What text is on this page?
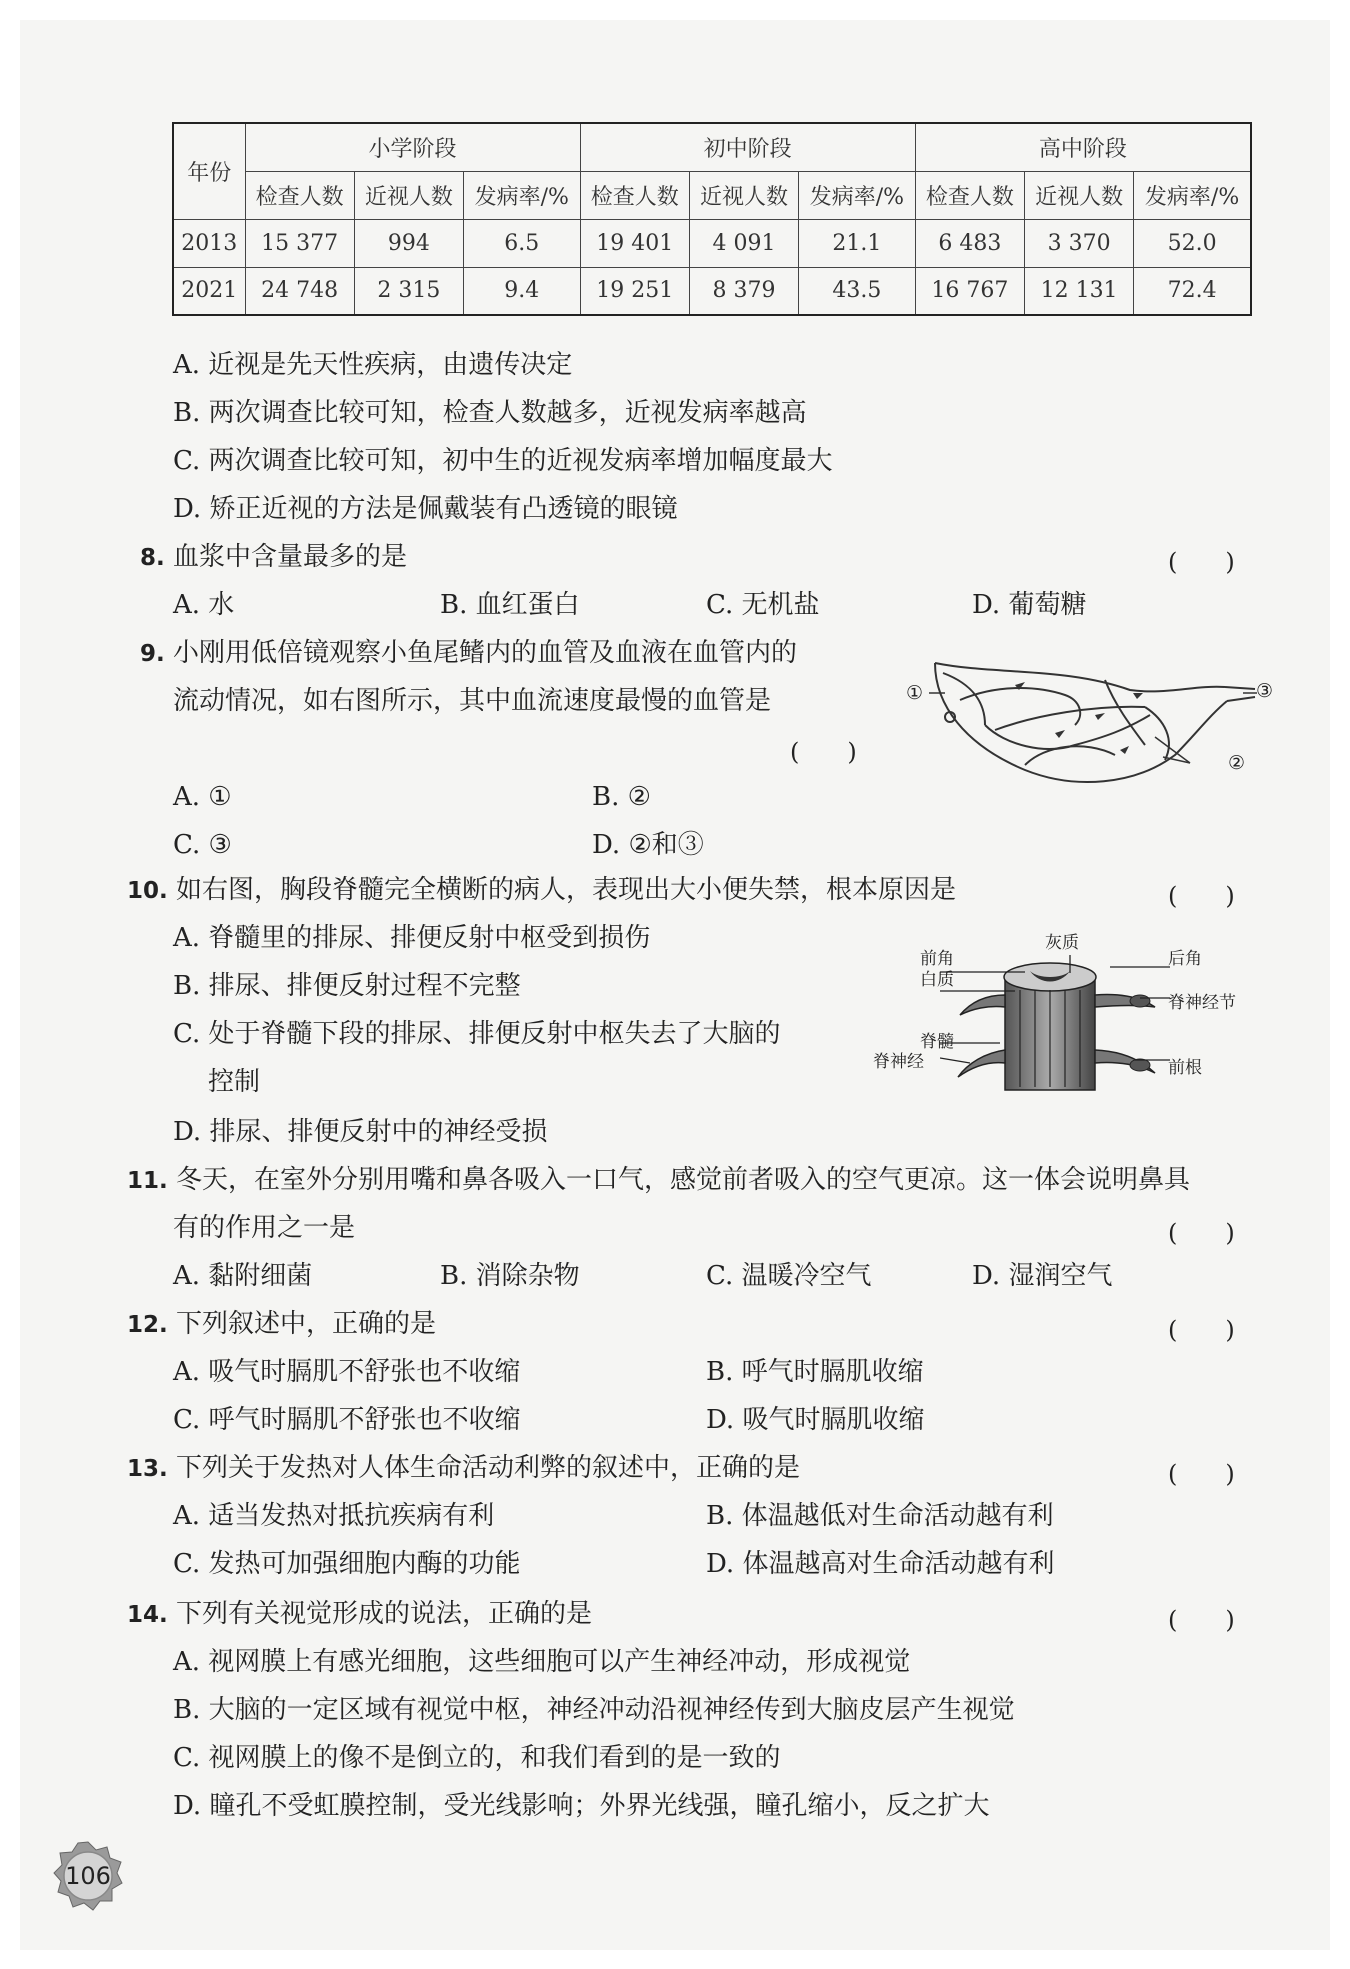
年份	小学阶段			初中阶段			高中阶段		
	检查人数	近视人数	发病率/%	检查人数	近视人数	发病率/%	检查人数	近视人数	发病率/%
2013	15 377	994	6.5	19 401	4 091	21.1	6 483	3 370	52.0
2021	24 748	2 315	9.4	19 251	8 379	43.5	16 767	12 131	72.4
A. 近视是先天性疾病，由遗传决定
B. 两次调查比较可知，检查人数越多，近视发病率越高
C. 两次调查比较可知，初中生的近视发病率增加幅度最大
D. 矫正近视的方法是佩戴装有凸透镜的眼镜
8. 血浆中含量最多的是	(　　)
A. 水	B. 血红蛋白	C. 无机盐	D. 葡萄糖
9. 小刚用低倍镜观察小鱼尾鳍内的血管及血液在血管内的
流动情况，如右图所示，其中血流速度最慢的血管是
(　　)
A. ①	B. ②
C. ③	D. ②和③
①
②
③
10. 如右图，胸段脊髓完全横断的病人，表现出大小便失禁，根本原因是	(　　)
A. 脊髓里的排尿、排便反射中枢受到损伤
B. 排尿、排便反射过程不完整
C. 处于脊髓下段的排尿、排便反射中枢失去了大脑的
控制
D. 排尿、排便反射中的神经受损
前角
白质
灰质
后角
脊神经节
脊髓
脊神经	前根
11. 冬天，在室外分别用嘴和鼻各吸入一口气，感觉前者吸入的空气更凉。这一体会说明鼻具
有的作用之一是	(　　)
A. 黏附细菌	B. 消除杂物	C. 温暖冷空气	D. 湿润空气
12. 下列叙述中，正确的是	(　　)
A. 吸气时膈肌不舒张也不收缩	B. 呼气时膈肌收缩
C. 呼气时膈肌不舒张也不收缩	D. 吸气时膈肌收缩
13. 下列关于发热对人体生命活动利弊的叙述中，正确的是	(　　)
A. 适当发热对抵抗疾病有利	B. 体温越低对生命活动越有利
C. 发热可加强细胞内酶的功能	D. 体温越高对生命活动越有利
14. 下列有关视觉形成的说法，正确的是	(　　)
A. 视网膜上有感光细胞，这些细胞可以产生神经冲动，形成视觉
B. 大脑的一定区域有视觉中枢，神经冲动沿视神经传到大脑皮层产生视觉
C. 视网膜上的像不是倒立的，和我们看到的是一致的
D. 瞳孔不受虹膜控制，受光线影响；外界光线强，瞳孔缩小，反之扩大
106
